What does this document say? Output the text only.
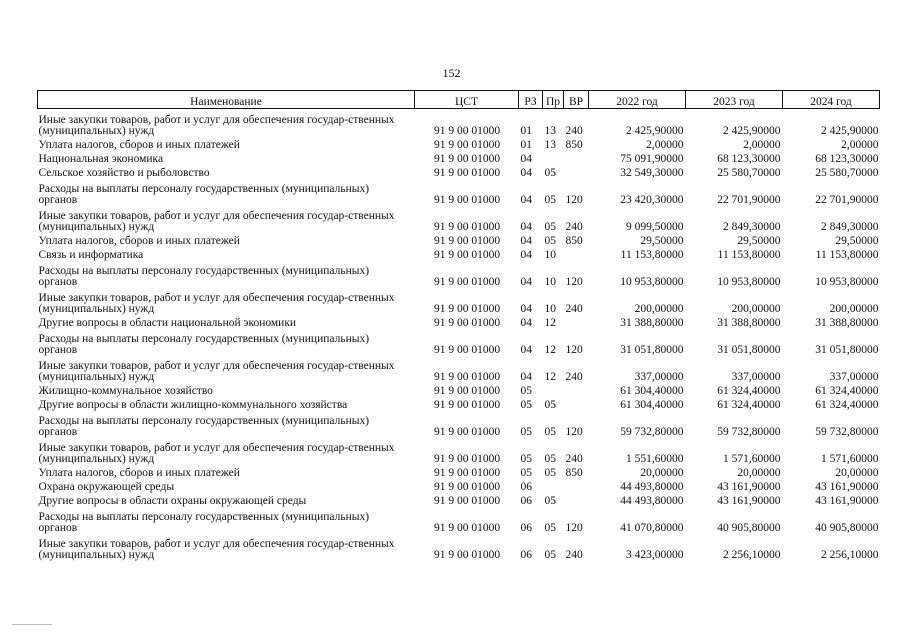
152
Наименование	ЦСТ	РЗ	Пр	ВР	2022 год	2023 год	2024 год
Иные закупки товаров, работ и услуг для обеспечения государ-ственных (муниципальных) нужд	91 9 00 01000	01	13	240	2 425,90000	2 425,90000	2 425,90000
Уплата налогов, сборов и иных платежей	91 9 00 01000	01	13	850	2,00000	2,00000	2,00000
Национальная экономика	91 9 00 01000	04			75 091,90000	68 123,30000	68 123,30000
Сельское хозяйство и рыболовство	91 9 00 01000	04	05		32 549,30000	25 580,70000	25 580,70000
Расходы на выплаты персоналу государственных (муниципальных) органов	91 9 00 01000	04	05	120	23 420,30000	22 701,90000	22 701,90000
Иные закупки товаров, работ и услуг для обеспечения государ-ственных (муниципальных) нужд	91 9 00 01000	04	05	240	9 099,50000	2 849,30000	2 849,30000
Уплата налогов, сборов и иных платежей	91 9 00 01000	04	05	850	29,50000	29,50000	29,50000
Связь и информатика	91 9 00 01000	04	10		11 153,80000	11 153,80000	11 153,80000
Расходы на выплаты персоналу государственных (муниципальных) органов	91 9 00 01000	04	10	120	10 953,80000	10 953,80000	10 953,80000
Иные закупки товаров, работ и услуг для обеспечения государ-ственных (муниципальных) нужд	91 9 00 01000	04	10	240	200,00000	200,00000	200,00000
Другие вопросы в области национальной экономики	91 9 00 01000	04	12		31 388,80000	31 388,80000	31 388,80000
Расходы на выплаты персоналу государственных (муниципальных) органов	91 9 00 01000	04	12	120	31 051,80000	31 051,80000	31 051,80000
Иные закупки товаров, работ и услуг для обеспечения государ-ственных (муниципальных) нужд	91 9 00 01000	04	12	240	337,00000	337,00000	337,00000
Жилищно-коммунальное хозяйство	91 9 00 01000	05			61 304,40000	61 324,40000	61 324,40000
Другие вопросы в области жилищно-коммунального хозяйства	91 9 00 01000	05	05		61 304,40000	61 324,40000	61 324,40000
Расходы на выплаты персоналу государственных (муниципальных) органов	91 9 00 01000	05	05	120	59 732,80000	59 732,80000	59 732,80000
Иные закупки товаров, работ и услуг для обеспечения государ-ственных (муниципальных) нужд	91 9 00 01000	05	05	240	1 551,60000	1 571,60000	1 571,60000
Уплата налогов, сборов и иных платежей	91 9 00 01000	05	05	850	20,00000	20,00000	20,00000
Охрана окружающей среды	91 9 00 01000	06			44 493,80000	43 161,90000	43 161,90000
Другие вопросы в области охраны окружающей среды	91 9 00 01000	06	05		44 493,80000	43 161,90000	43 161,90000
Расходы на выплаты персоналу государственных (муниципальных) органов	91 9 00 01000	06	05	120	41 070,80000	40 905,80000	40 905,80000
Иные закупки товаров, работ и услуг для обеспечения государ-ственных (муниципальных) нужд	91 9 00 01000	06	05	240	3 423,00000	2 256,10000	2 256,10000
